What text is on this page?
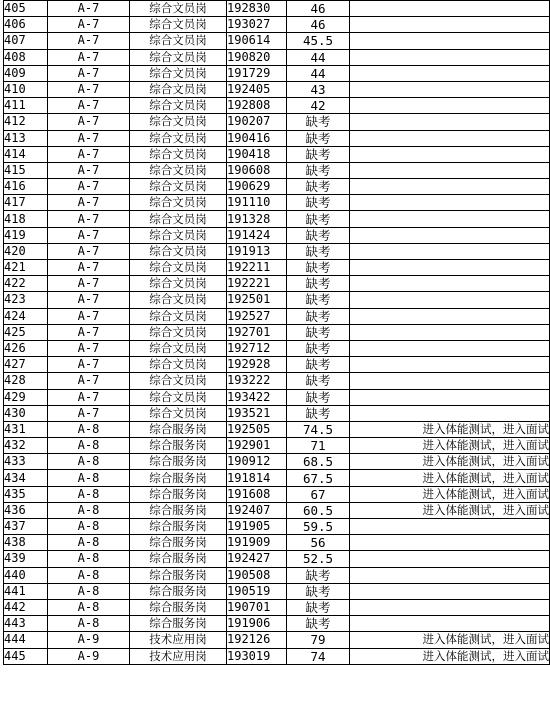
405	A-7	综合文员岗	192830	46	
406	A-7	综合文员岗	193027	46	
407	A-7	综合文员岗	190614	45.5	
408	A-7	综合文员岗	190820	44	
409	A-7	综合文员岗	191729	44	
410	A-7	综合文员岗	192405	43	
411	A-7	综合文员岗	192808	42	
412	A-7	综合文员岗	190207	缺考	
413	A-7	综合文员岗	190416	缺考	
414	A-7	综合文员岗	190418	缺考	
415	A-7	综合文员岗	190608	缺考	
416	A-7	综合文员岗	190629	缺考	
417	A-7	综合文员岗	191110	缺考	
418	A-7	综合文员岗	191328	缺考	
419	A-7	综合文员岗	191424	缺考	
420	A-7	综合文员岗	191913	缺考	
421	A-7	综合文员岗	192211	缺考	
422	A-7	综合文员岗	192221	缺考	
423	A-7	综合文员岗	192501	缺考	
424	A-7	综合文员岗	192527	缺考	
425	A-7	综合文员岗	192701	缺考	
426	A-7	综合文员岗	192712	缺考	
427	A-7	综合文员岗	192928	缺考	
428	A-7	综合文员岗	193222	缺考	
429	A-7	综合文员岗	193422	缺考	
430	A-7	综合文员岗	193521	缺考	
431	A-8	综合服务岗	192505	74.5	进入体能测试，进入面试
432	A-8	综合服务岗	192901	71	进入体能测试，进入面试
433	A-8	综合服务岗	190912	68.5	进入体能测试，进入面试
434	A-8	综合服务岗	191814	67.5	进入体能测试，进入面试
435	A-8	综合服务岗	191608	67	进入体能测试，进入面试
436	A-8	综合服务岗	192407	60.5	进入体能测试，进入面试
437	A-8	综合服务岗	191905	59.5	
438	A-8	综合服务岗	191909	56	
439	A-8	综合服务岗	192427	52.5	
440	A-8	综合服务岗	190508	缺考	
441	A-8	综合服务岗	190519	缺考	
442	A-8	综合服务岗	190701	缺考	
443	A-8	综合服务岗	191906	缺考	
444	A-9	技术应用岗	192126	79	进入体能测试，进入面试
445	A-9	技术应用岗	193019	74	进入体能测试，进入面试
